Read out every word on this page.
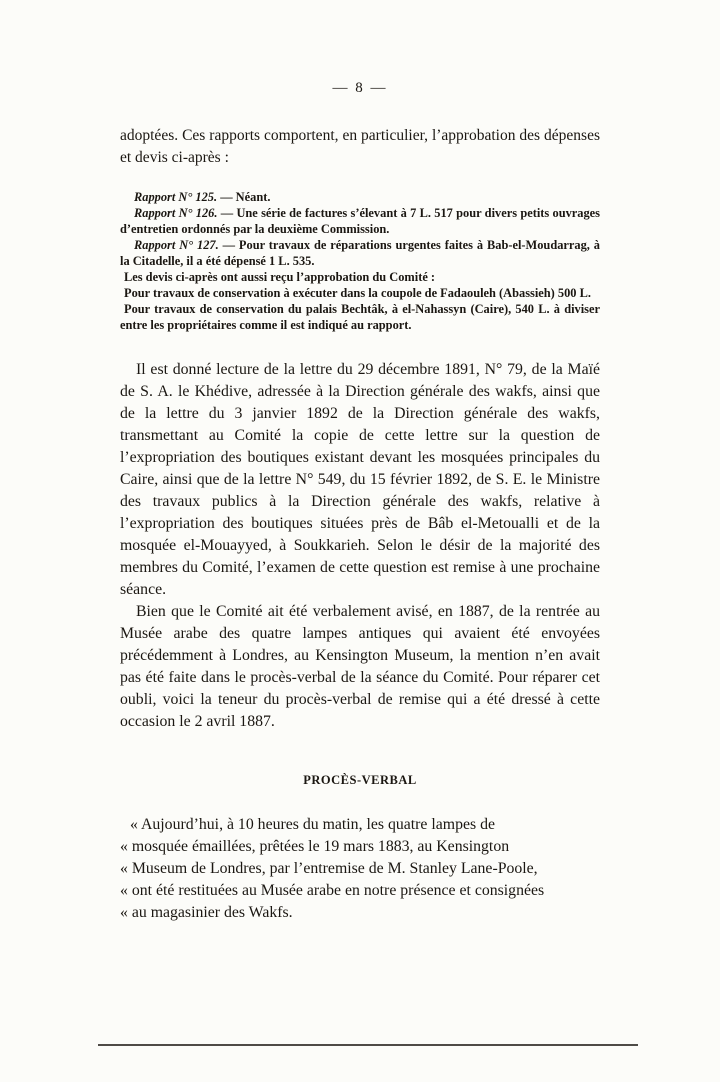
— 8 —

adoptées. Ces rapports comportent, en particulier, l’approbation des dépenses et devis ci-après :

Rapport N° 125. — Néant.

Rapport N° 126. — Une série de factures s’élevant à 7 L. 517 pour divers petits ouvrages d’entretien ordonnés par la deuxième Commission.

Rapport N° 127. — Pour travaux de réparations urgentes faites à Bab-el-Moudarrag, à la Citadelle, il a été dépensé 1 L. 535.

Les devis ci-après ont aussi reçu l’approbation du Comité :

Pour travaux de conservation à exécuter dans la coupole de Fadaouleh (Abassieh) 500 L.

Pour travaux de conservation du palais Bechtâk, à el-Nahassyn (Caire), 540 L. à diviser entre les propriétaires comme il est indiqué au rapport.

Il est donné lecture de la lettre du 29 décembre 1891, N° 79, de la Maïé de S. A. le Khédive, adressée à la Direction générale des wakfs, ainsi que de la lettre du 3 janvier 1892 de la Direction générale des wakfs, transmettant au Comité la copie de cette lettre sur la question de l’expropriation des boutiques existant devant les mosquées principales du Caire, ainsi que de la lettre N° 549, du 15 février 1892, de S. E. le Ministre des travaux publics à la Direction générale des wakfs, relative à l’expropriation des boutiques situées près de Bâb el-Metoualli et de la mosquée el-Mouayyed, à Soukkarieh. Selon le désir de la majorité des membres du Comité, l’examen de cette question est remise à une prochaine séance.

Bien que le Comité ait été verbalement avisé, en 1887, de la rentrée au Musée arabe des quatre lampes antiques qui avaient été envoyées précédemment à Londres, au Kensington Museum, la mention n’en avait pas été faite dans le procès-verbal de la séance du Comité. Pour réparer cet oubli, voici la teneur du procès-verbal de remise qui a été dressé à cette occasion le 2 avril 1887.

PROCÈS-VERBAL

« Aujourd’hui, à 10 heures du matin, les quatre lampes de

« mosquée émaillées, prêtées le 19 mars 1883, au Kensington

« Museum de Londres, par l’entremise de M. Stanley Lane-Poole,

« ont été restituées au Musée arabe en notre présence et consignées

« au magasinier des Wakfs.
